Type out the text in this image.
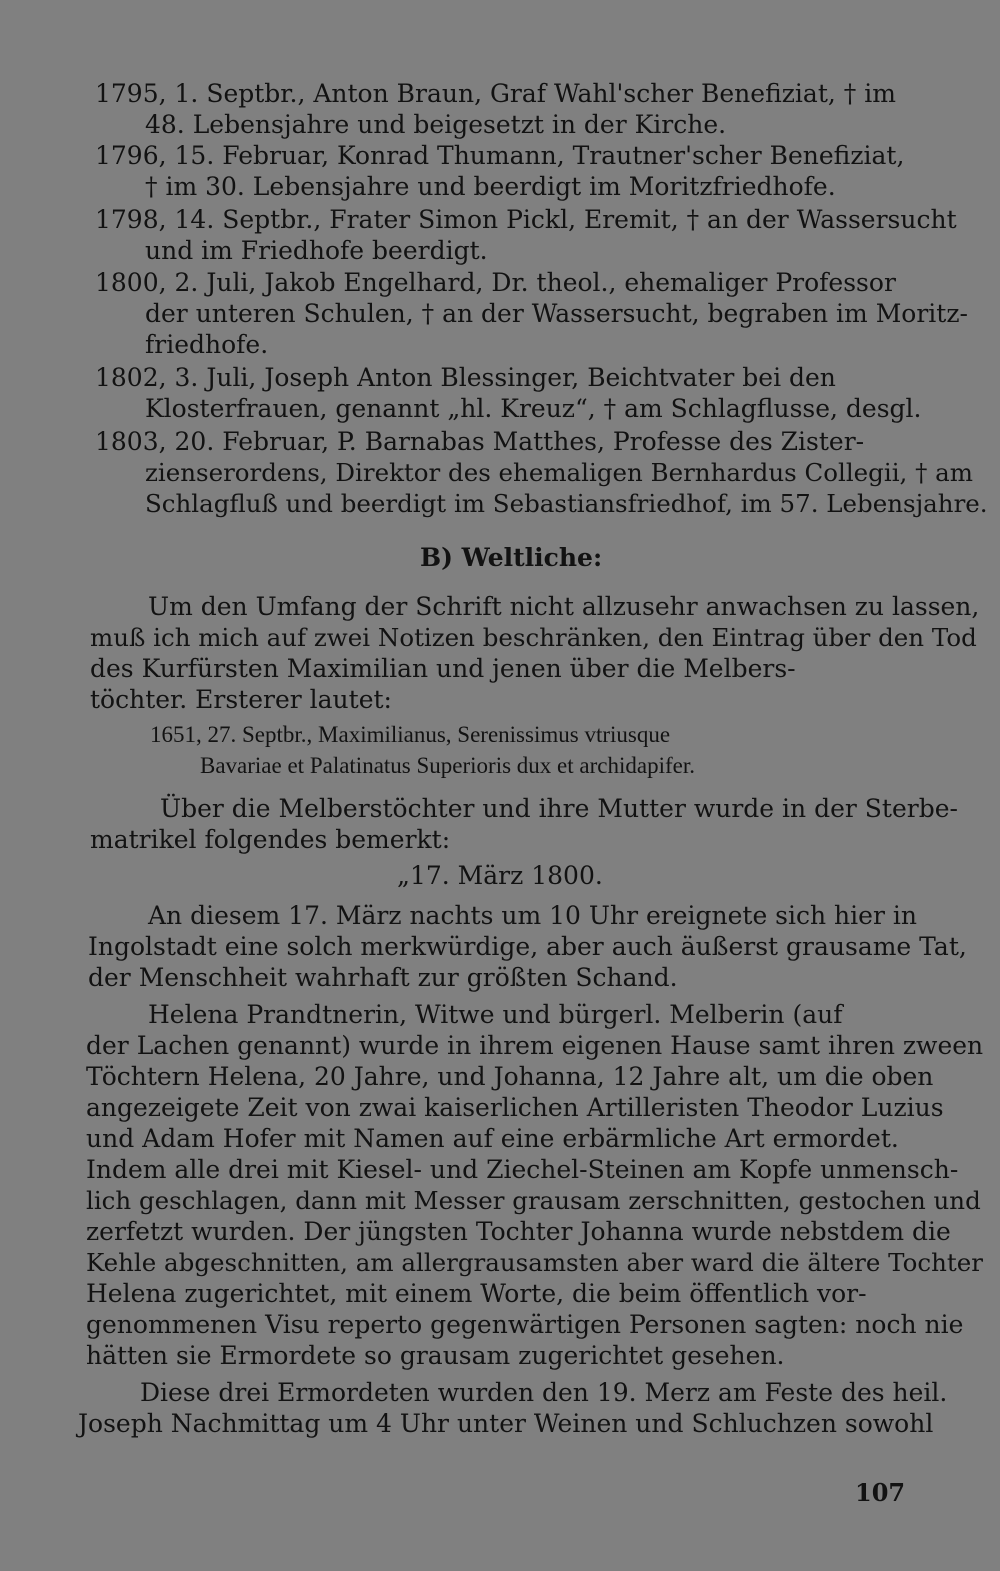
1795, 1. Septbr., Anton Braun, Graf Wahl'scher Benefiziat, † im
48. Lebensjahre und beigesetzt in der Kirche.
1796, 15. Februar, Konrad Thumann, Trautner'scher Benefiziat,
† im 30. Lebensjahre und beerdigt im Moritzfriedhofe.
1798, 14. Septbr., Frater Simon Pickl, Eremit, † an der Wassersucht
und im Friedhofe beerdigt.
1800, 2. Juli, Jakob Engelhard, Dr. theol., ehemaliger Professor
der unteren Schulen, † an der Wassersucht, begraben im Moritz-
friedhofe.
1802, 3. Juli, Joseph Anton Blessinger, Beichtvater bei den
Klosterfrauen, genannt „hl. Kreuz“, † am Schlagflusse, desgl.
1803, 20. Februar, P. Barnabas Matthes, Professe des Zister-
zienserordens, Direktor des ehemaligen Bernhardus Collegii, † am
Schlagfluß und beerdigt im Sebastiansfriedhof, im 57. Lebensjahre.
B) Weltliche:
Um den Umfang der Schrift nicht allzusehr anwachsen zu lassen,
muß ich mich auf zwei Notizen beschränken, den Eintrag über den Tod
des Kurfürsten Maximilian und jenen über die Melbers-
töchter. Ersterer lautet:
1651, 27. Septbr., Maximilianus, Serenissimus vtriusque
Bavariae et Palatinatus Superioris dux et archidapifer.
Über die Melberstöchter und ihre Mutter wurde in der Sterbe-
matrikel folgendes bemerkt:
„17. März 1800.
An diesem 17. März nachts um 10 Uhr ereignete sich hier in
Ingolstadt eine solch merkwürdige, aber auch äußerst grausame Tat,
der Menschheit wahrhaft zur größten Schand.
Helena Prandtnerin, Witwe und bürgerl. Melberin (auf
der Lachen genannt) wurde in ihrem eigenen Hause samt ihren zween
Töchtern Helena, 20 Jahre, und Johanna, 12 Jahre alt, um die oben
angezeigete Zeit von zwai kaiserlichen Artilleristen Theodor Luzius
und Adam Hofer mit Namen auf eine erbärmliche Art ermordet.
Indem alle drei mit Kiesel- und Ziechel-Steinen am Kopfe unmensch-
lich geschlagen, dann mit Messer grausam zerschnitten, gestochen und
zerfetzt wurden. Der jüngsten Tochter Johanna wurde nebstdem die
Kehle abgeschnitten, am allergrausamsten aber ward die ältere Tochter
Helena zugerichtet, mit einem Worte, die beim öffentlich vor-
genommenen Visu reperto gegenwärtigen Personen sagten: noch nie
hätten sie Ermordete so grausam zugerichtet gesehen.
Diese drei Ermordeten wurden den 19. Merz am Feste des heil.
Joseph Nachmittag um 4 Uhr unter Weinen und Schluchzen sowohl
107
